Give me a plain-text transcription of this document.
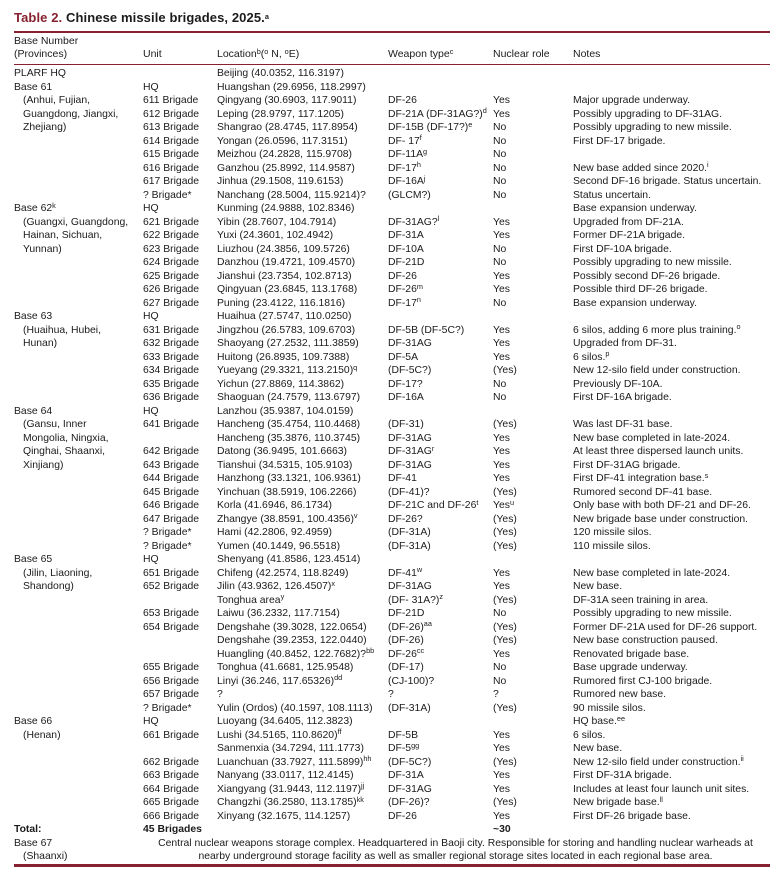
Table 2. Chinese missile brigades, 2025.$^a$
Base Number
(Provinces)	Unit	Location$^b$($^o$ N, $^o$E)	Weapon type$^c$	Nuclear role	Notes
PLARF HQ		Beijing (40.0352, 116.3197)			
Base 61	HQ	Huangshan (29.6956, 118.2997)			
(Anhui, Fujian,	611 Brigade	Qingyang (30.6903, 117.9011)	DF-26	Yes	Major upgrade underway.
Guangdong, Jiangxi,	612 Brigade	Leping (28.9797, 117.1205)	DF-21A (DF-31AG?)$^d$	Yes	Possibly upgrading to DF-31AG.
Zhejiang)	613 Brigade	Shangrao (28.4745, 117.8954)	DF-15B (DF-17?)$^e$	No	Possibly upgrading to new missile.
	614 Brigade	Yongan (26.0596, 117.3151)	DF- 17$^f$	No	First DF-17 brigade.
	615 Brigade	Meizhou (24.2828, 115.9708)	$DF-11A^g$	No	
	616 Brigade	Ganzhou (25.8992, 114.9587)	DF-17$^h$	No	New base added since 2020.$^i$
	617 Brigade	Jinhua (29.1508, 119.6153)	$DF-16A^j$	No	Second DF-16 brigade. Status uncertain.
	? Brigade*	Nanchang (28.5004, 115.9214)?	(GLCM?)	No	Status uncertain.
Base 62$^k$	HQ	Kunming (24.9888, 102.8346)			Base expansion underway.
(Guangxi, Guangdong,	621 Brigade	Yibin (28.7607, 104.7914)	DF-31AG?$^l$	Yes	Upgraded from DF-21A.
Hainan, Sichuan,	622 Brigade	Yuxi (24.3601, 102.4942)	DF-31A	Yes	Former DF-21A brigade.
Yunnan)	623 Brigade	Liuzhou (24.3856, 109.5726)	DF-10A	No	First DF-10A brigade.
	624 Brigade	Danzhou (19.4721, 109.4570)	DF-21D	No	Possibly upgrading to new missile.
	625 Brigade	Jianshui (23.7354, 102.8713)	DF-26	Yes	Possibly second DF-26 brigade.
	626 Brigade	Qingyuan (23.6845, 113.1768)	DF-26$^m$	Yes	Possible third DF-26 brigade.
	627 Brigade	Puning (23.4122, 116.1816)	DF-17$^n$	No	Base expansion underway.
Base 63	HQ	Huaihua (27.5747, 110.0250)			
(Huaihua, Hubei,	631 Brigade	Jingzhou (26.5783, 109.6703)	DF-5B (DF-5C?)	Yes	6 silos, adding 6 more plus training.$^o$
Hunan)	632 Brigade	Shaoyang (27.2532, 111.3859)	DF-31AG	Yes	Upgraded from DF-31.
	633 Brigade	Huitong (26.8935, 109.7388)	DF-5A	Yes	6 silos.$^p$
	634 Brigade	Yueyang (29.3321, 113.2150)$^q$	(DF-5C?)	(Yes)	New 12-silo field under construction.
	635 Brigade	Yichun (27.8869, 114.3862)	DF-17?	No	Previously DF-10A.
	636 Brigade	Shaoguan (24.7579, 113.6797)	DF-16A	No	First DF-16A brigade.
Base 64	HQ	Lanzhou (35.9387, 104.0159)			
(Gansu, Inner	641 Brigade	Hancheng (35.4754, 110.4468)	(DF-31)	(Yes)	Was last DF-31 base.
Mongolia, Ningxia,		Hancheng (35.3876, 110.3745)	DF-31AG	Yes	New base completed in late-2024.
Qinghai, Shaanxi,	642 Brigade	Datong (36.9495, 101.6663)	$DF-31AG^r$	Yes	At least three dispersed launch units.
Xinjiang)	643 Brigade	Tianshui (34.5315, 105.9103)	DF-31AG	Yes	First DF-31AG brigade.
	644 Brigade	Hanzhong (33.1321, 106.9361)	DF-41	Yes	First DF-41 integration base.$^s$
	645 Brigade	Yinchuan (38.5919, 106.2266)	(DF-41)?	(Yes)	Rumored second DF-41 base.
	646 Brigade	Korla (41.6946, 86.1734)	DF-21C and DF-26$^t$	Yes$^u$	Only base with both DF-21 and DF-26.
	647 Brigade	Zhangye (38.8591, 100.4356)$^v$	DF-26?	(Yes)	New brigade base under construction.
	? Brigade*	Hami (42.2806, 92.4959)	(DF-31A)	(Yes)	120 missile silos.
	? Brigade*	Yumen (40.1449, 96.5518)	(DF-31A)	(Yes)	110 missile silos.
Base 65	HQ	Shenyang (41.8586, 123.4514)			
(Jilin, Liaoning,	651 Brigade	Chifeng (42.2574, 118.8249)	DF-41$^w$	Yes	New base completed in late-2024.
Shandong)	652 Brigade	Jilin (43.9362, 126.4507)$^x$	DF-31AG	Yes	New base.
		Tonghua area$^y$	(DF- 31A?)$^z$	(Yes)	DF-31A seen training in area.
	653 Brigade	Laiwu (36.2332, 117.7154)	DF-21D	No	Possibly upgrading to new missile.
	654 Brigade	Dengshahe (39.3028, 122.0654)	$(DF-26)^{aa}$	(Yes)	Former DF-21A used for DF-26 support.
		Dengshahe (39.2353, 122.0440)	(DF-26)	(Yes)	New base construction paused.
		Huangling (40.8452, 122.7682)?$^{bb}$	$DF-26^{cc}$	Yes	Renovated brigade base.
	655 Brigade	Tonghua (41.6681, 125.9548)	(DF-17)	No	Base upgrade underway.
	656 Brigade	Linyi (36.246, 117.65326)$^{dd}$	(CJ-100)?	No	Rumored first CJ-100 brigade.
	657 Brigade	?	?	?	Rumored new base.
	? Brigade*	Yulin (Ordos) (40.1597, 108.1113)	(DF-31A)	(Yes)	90 missile silos.
Base 66	HQ	Luoyang (34.6405, 112.3823)			HQ base.$^{ee}$
(Henan)	661 Brigade	Lushi (34.5165, 110.8620)$^{ff}$	DF-5B	Yes	6 silos.
		Sanmenxia (34.7294, 111.1773)	$DF-5^{gg}$	Yes	New base.
	662 Brigade	Luanchuan (33.7927, 111.5899)$^{hh}$	(DF-5C?)	(Yes)	New 12-silo field under construction.$^{ii}$
	663 Brigade	Nanyang (33.0117, 112.4145)	DF-31A	Yes	First DF-31A brigade.
	664 Brigade	Xiangyang (31.9443, 112.1197)$^{jj}$	DF-31AG	Yes	Includes at least four launch unit sites.
	665 Brigade	Changzhi (36.2580, 113.1785)$^{kk}$	(DF-26)?	(Yes)	New brigade base.$^{ll}$
	666 Brigade	Xinyang (32.1675, 114.1257)	DF-26	Yes	First DF-26 brigade base.
Total:	45 Brigades			~30	
Base 67
(Shaanxi)	Central nuclear weapons storage complex. Headquartered in Baoji city. Responsible for storing and handling nuclear warheads at nearby underground storage facility as well as smaller regional storage sites located in each regional base area.				
